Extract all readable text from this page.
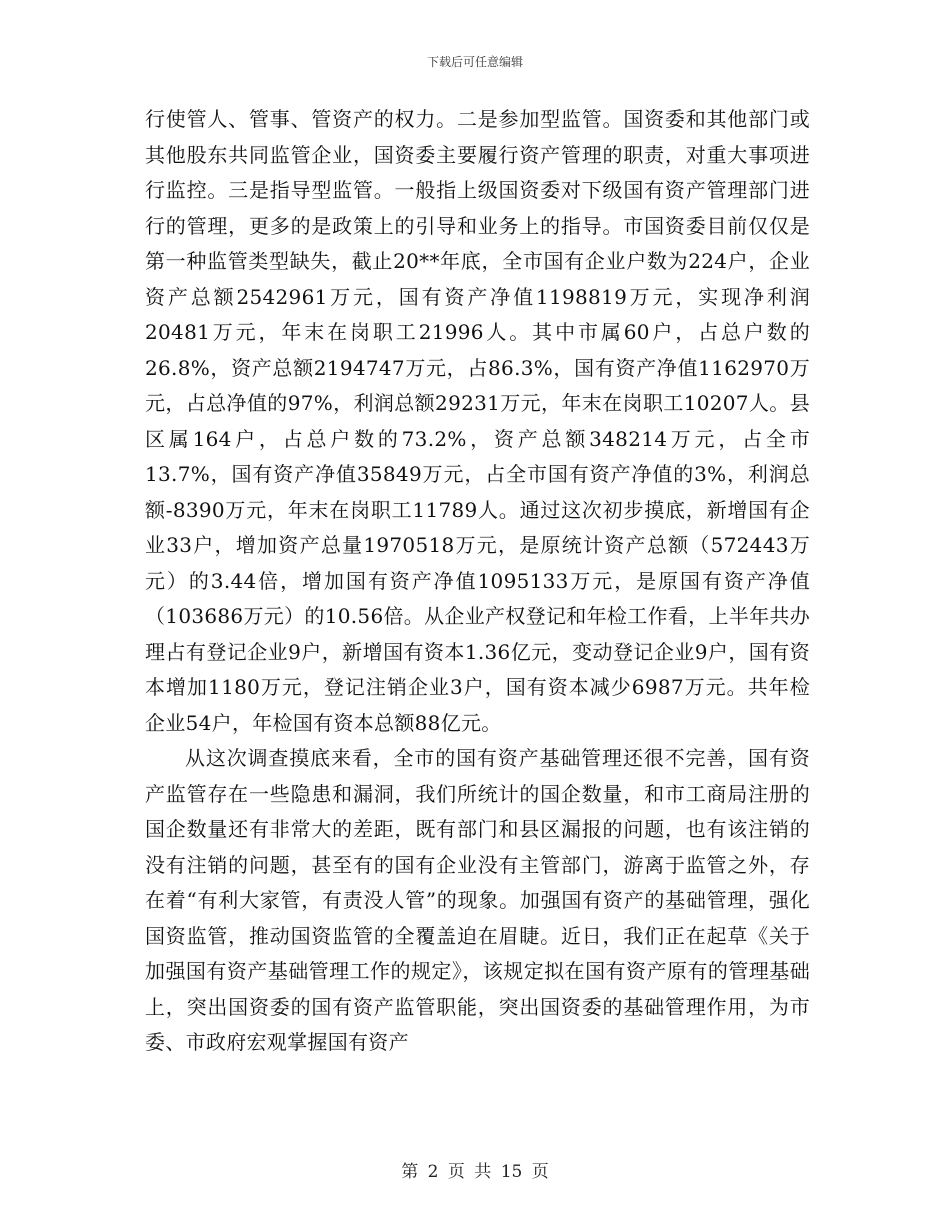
下载后可任意编辑

行使管人、管事、管资产的权力。二是参加型监管。国资委和其他部门或其他股东共同监管企业，国资委主要履行资产管理的职责，对重大事项进行监控。三是指导型监管。一般指上级国资委对下级国有资产管理部门进行的管理，更多的是政策上的引导和业务上的指导。市国资委目前仅仅是第一种监管类型缺失，截止20**年底，全市国有企业户数为224户，企业资产总额2542961万元，国有资产净值1198819万元，实现净利润20481万元，年末在岗职工21996人。其中市属60户，占总户数的26.8%，资产总额2194747万元，占86.3%，国有资产净值1162970万元，占总净值的97%，利润总额29231万元，年末在岗职工10207人。县区属164户，占总户数的73.2%，资产总额348214万元，占全市13.7%，国有资产净值35849万元，占全市国有资产净值的3%，利润总额-8390万元，年末在岗职工11789人。通过这次初步摸底，新增国有企业33户，增加资产总量1970518万元，是原统计资产总额（572443万元）的3.44倍，增加国有资产净值1095133万元，是原国有资产净值（103686万元）的10.56倍。从企业产权登记和年检工作看，上半年共办理占有登记企业9户，新增国有资本1.36亿元，变动登记企业9户，国有资本增加1180万元，登记注销企业3户，国有资本减少6987万元。共年检企业54户，年检国有资本总额88亿元。

从这次调查摸底来看，全市的国有资产基础管理还很不完善，国有资产监管存在一些隐患和漏洞，我们所统计的国企数量，和市工商局注册的国企数量还有非常大的差距，既有部门和县区漏报的问题，也有该注销的没有注销的问题，甚至有的国有企业没有主管部门，游离于监管之外，存在着“有利大家管，有责没人管”的现象。加强国有资产的基础管理，强化国资监管，推动国资监管的全覆盖迫在眉睫。近日，我们正在起草《关于加强国有资产基础管理工作的规定》，该规定拟在国有资产原有的管理基础上，突出国资委的国有资产监管职能，突出国资委的基础管理作用，为市委、市政府宏观掌握国有资产

第 2 页 共 15 页
